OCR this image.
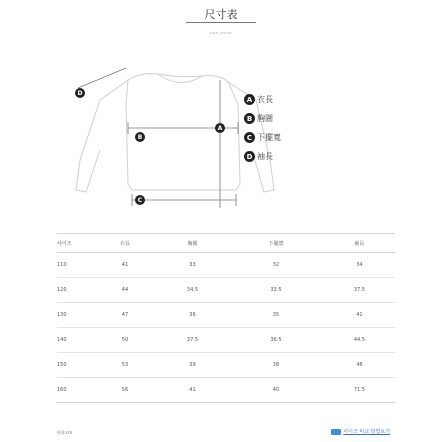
尺寸表
SIZE CHART
D
B
A
C
A 衣長
B 胸圍
C 下擺寬
D 袖長
사이즈	衣長	胸圍	下擺寬	袖長
110	41	33	32	34
120	44	34.5	33.5	37.5
130	47	36	35	41
140	50	37.5	36.5	44.5
150	53	39	38	48
160	56	41	40	71.5
단위:cm	사이즈 비교 방법보기
